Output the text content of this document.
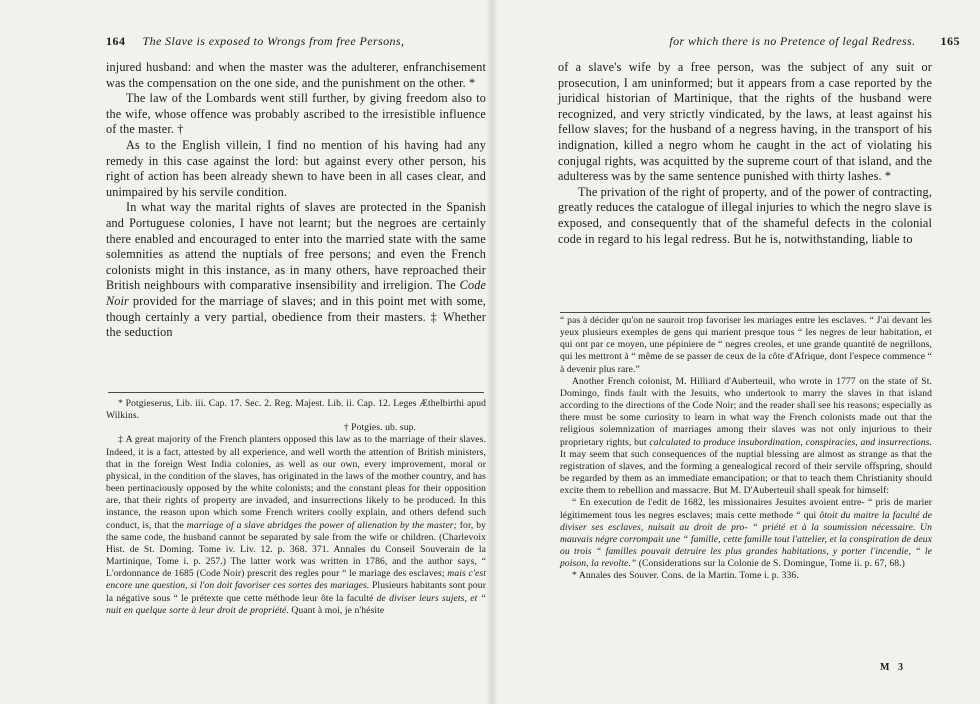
164 The Slave is exposed to Wrongs from free Persons,

injured husband: and when the master was the adulterer, enfranchisement was the compensation on the one side, and the punishment on the other. *

The law of the Lombards went still further, by giving freedom also to the wife, whose offence was probably ascribed to the irresistible influence of the master. †

As to the English villein, I find no mention of his having had any remedy in this case against the lord: but against every other person, his right of action has been already shewn to have been in all cases clear, and unimpaired by his servile condition.

In what way the marital rights of slaves are protected in the Spanish and Portuguese colonies, I have not learnt; but the negroes are certainly there enabled and encouraged to enter into the married state with the same solemnities as attend the nuptials of free persons; and even the French colonists might in this instance, as in many others, have reproached their British neighbours with comparative insensibility and irreligion. The Code Noir provided for the marriage of slaves; and in this point met with some, though certainly a very partial, obedience from their masters. ‡ Whether the seduction

* Potgieserus, Lib. iii. Cap. 17. Sec. 2. Reg. Majest. Lib. ii. Cap. 12. Leges Æthelbirthi apud Wilkins.

† Potgies. ub. sup.

‡ A great majority of the French planters opposed this law as to the marriage of their slaves. Indeed, it is a fact, attested by all experience, and well worth the attention of British ministers, that in the foreign West India colonies, as well as our own, every improvement, moral or physical, in the condition of the slaves, has originated in the laws of the mother country, and has been pertinaciously opposed by the white colonists; and the constant pleas for their opposition are, that their rights of property are invaded, and insurrections likely to be produced. In this instance, the reason upon which some French writers coolly explain, and others defend such conduct, is, that the marriage of a slave abridges the power of alienation by the master; for, by the same code, the husband cannot be separated by sale from the wife or children. (Charlevoix Hist. de St. Doming. Tome iv. Liv. 12. p. 368. 371. Annales du Conseil Souverain de la Martinique, Tome i. p. 257.) The latter work was written in 1786, and the author says, “ L'ordonnance de 1685 (Code Noir) prescrit des regles pour “ le mariage des esclaves; mais c'est encore une question, si l'on doit favoriser ces sortes des mariages. Plusieurs habitants sont pour la négative sous “ le prétexte que cette méthode leur ôte la faculté de diviser leurs sujets, et “ nuit en quelque sorte à leur droit de propriété. Quant à moi, je n'hésite

for which there is no Pretence of legal Redress. 165

of a slave's wife by a free person, was the subject of any suit or prosecution, I am uninformed; but it appears from a case reported by the juridical historian of Martinique, that the rights of the husband were recognized, and very strictly vindicated, by the laws, at least against his fellow slaves; for the husband of a negress having, in the transport of his indignation, killed a negro whom he caught in the act of violating his conjugal rights, was acquitted by the supreme court of that island, and the adulteress was by the same sentence punished with thirty lashes. *

The privation of the right of property, and of the power of contracting, greatly reduces the catalogue of illegal injuries to which the negro slave is exposed, and consequently that of the shameful defects in the colonial code in regard to his legal redress. But he is, notwithstanding, liable to

“ pas à décider qu'on ne sauroit trop favoriser les mariages entre les esclaves. “ J'ai devant les yeux plusieurs exemples de gens qui marient presque tous “ les negres de leur habitation, et qui ont par ce moyen, une pépiniere de “ negres creoles, et une grande quantité de negrillons, qui les mettront à “ même de se passer de ceux de la côte d'Afrique, dont l'espece commence “ à devenir plus rare.”

Another French colonist, M. Hilliard d'Auberteuil, who wrote in 1777 on the state of St. Domingo, finds fault with the Jesuits, who undertook to marry the slaves in that island according to the directions of the Code Noir; and the reader shall see his reasons; especially as there must be some curiosity to learn in what way the French colonists made out that the religious solemnization of marriages among their slaves was not only injurious to their proprietary rights, but calculated to produce insubordination, conspiracies, and insurrections. It may seem that such consequences of the nuptial blessing are almost as strange as that the registration of slaves, and the forming a genealogical record of their servile offspring, should be regarded by them as an immediate emancipation; or that to teach them Christianity should excite them to rebellion and massacre. But M. D'Auberteuil shall speak for himself:

“ En execution de l'edit de 1682, les missionaires Jesuites avoient entre- “ pris de marier légitimement tous les negres esclaves; mais cette methode “ qui ôtoit du maitre la faculté de diviser ses esclaves, nuisait au droit de pro- “ priété et à la soumission nécessaire. Un mauvais négre corrompait une “ famille, cette famille tout l'attelier, et la conspiration de deux ou trois “ familles pouvait detruire les plus grandes habitations, y porter l'incendie, “ le poison, la revolte.” (Considerations sur la Colonie de S. Domingue, Tome ii. p. 67, 68.)

* Annales des Souver. Cons. de la Martin. Tome i. p. 336.

M 3
